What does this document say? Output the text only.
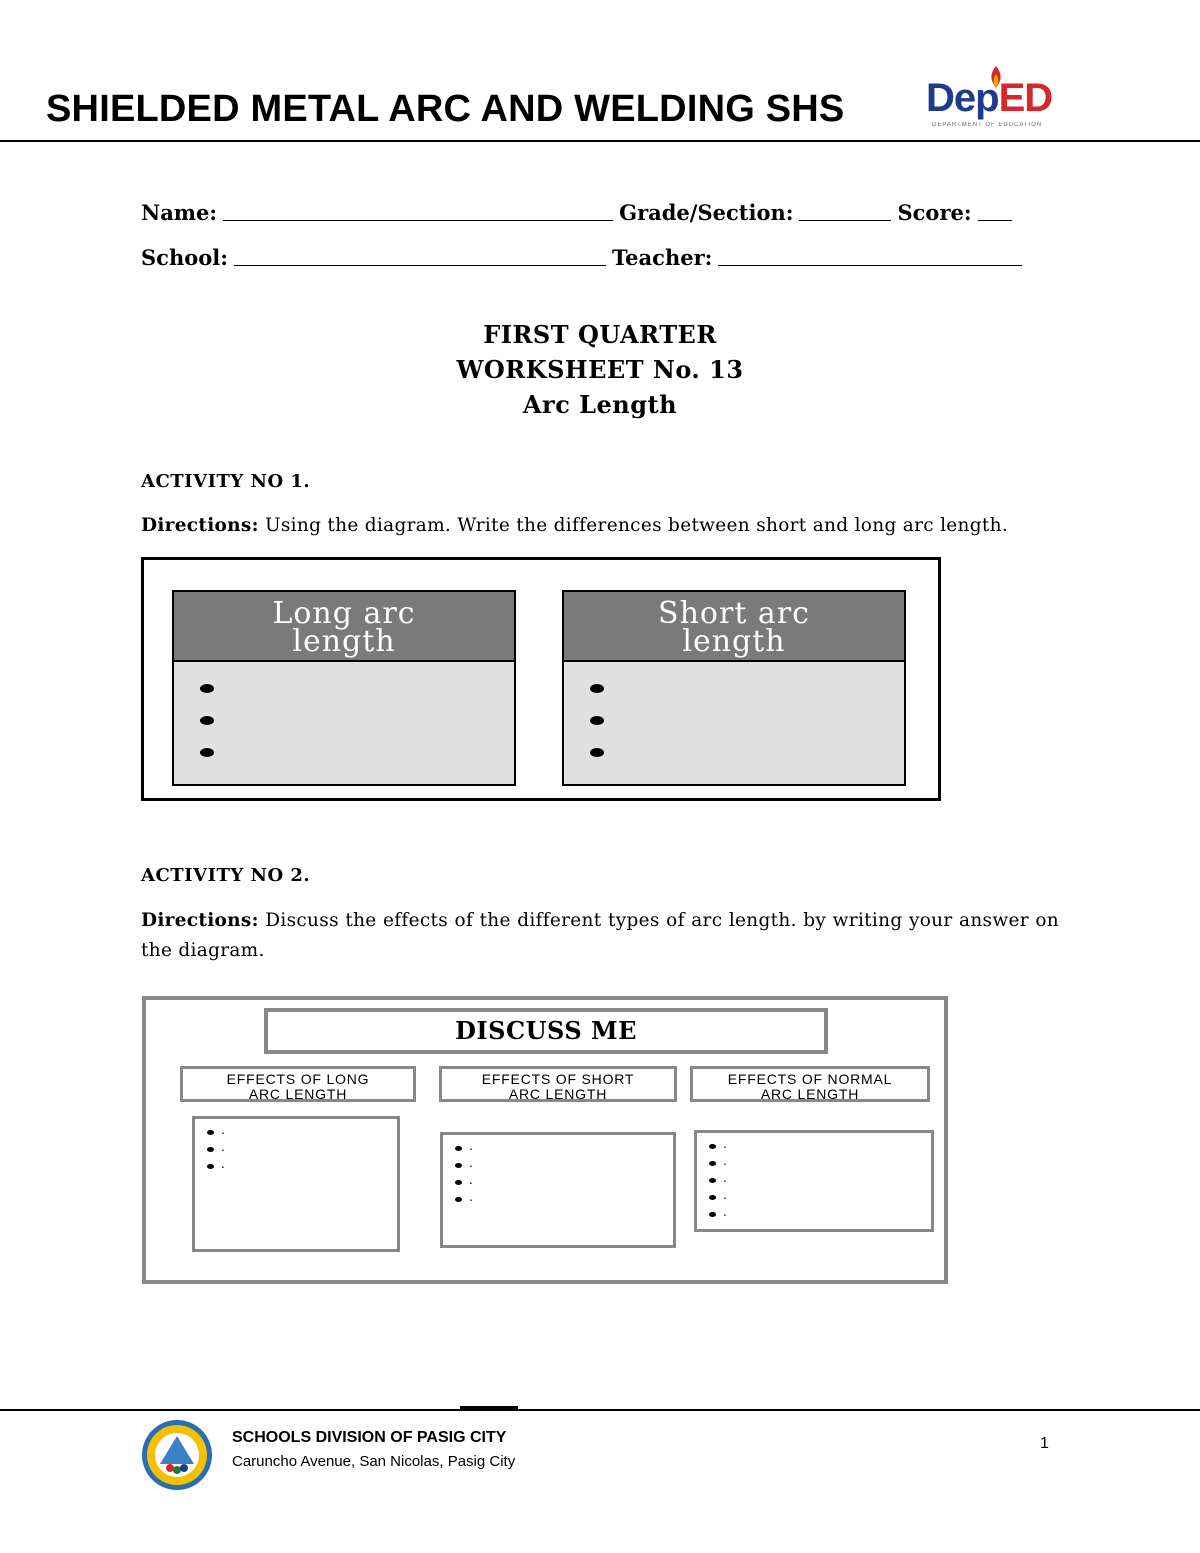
SHIELDED METAL ARC AND WELDING SHS DepED
DEPARTMENT OF EDUCATION
Name:	Grade/Section:	Score:
School:	Teacher:
FIRST QUARTER
WORKSHEET No. 13
Arc Length
ACTIVITY NO 1.
Directions: Using the diagram. Write the differences between short and long arc length.
Long arc
length
Short arc
length
ACTIVITY NO 2.
Directions: Discuss the effects of the different types of arc length. by writing your answer on the diagram.
DISCUSS ME
EFFECTS OF LONG
ARC LENGTH
EFFECTS OF SHORT
ARC LENGTH
EFFECTS OF NORMAL
ARC LENGTH
.
.
.
.
.
.
.
.
.
.
.
.
SCHOOLS DIVISION OF PASIG CITY
Caruncho Avenue, San Nicolas, Pasig City
1
